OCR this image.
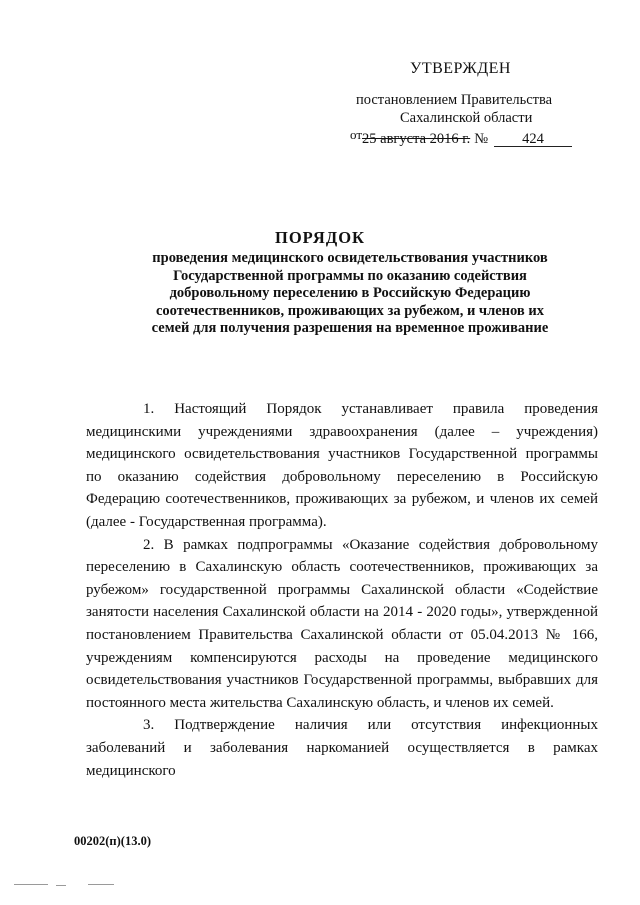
УТВЕРЖДЕН
постановлением Правительства
Сахалинской области
от25 августа 2016 г. № 424
ПОРЯДОК
проведения медицинского освидетельствования участников Государственной программы по оказанию содействия добровольному переселению в Российскую Федерацию соотечественников, проживающих за рубежом, и членов их семей для получения разрешения на временное проживание

1. Настоящий Порядок устанавливает правила проведения медицинскими учреждениями здравоохранения (далее – учреждения) медицинского освидетельствования участников Государственной программы по оказанию содействия добровольному переселению в Российскую Федерацию соотечественников, проживающих за рубежом, и членов их семей (далее - Государственная программа).

2. В рамках подпрограммы «Оказание содействия добровольному переселению в Сахалинскую область соотечественников, проживающих за рубежом» государственной программы Сахалинской области «Содействие занятости населения Сахалинской области на 2014 - 2020 годы», утвержденной постановлением Правительства Сахалинской области от 05.04.2013 № 166, учреждениям компенсируются расходы на проведение медицинского освидетельствования участников Государственной программы, выбравших для постоянного места жительства Сахалинскую область, и членов их семей.

3. Подтверждение наличия или отсутствия инфекционных заболеваний и заболевания наркоманией осуществляется в рамках медицинского

00202(п)(13.0)
